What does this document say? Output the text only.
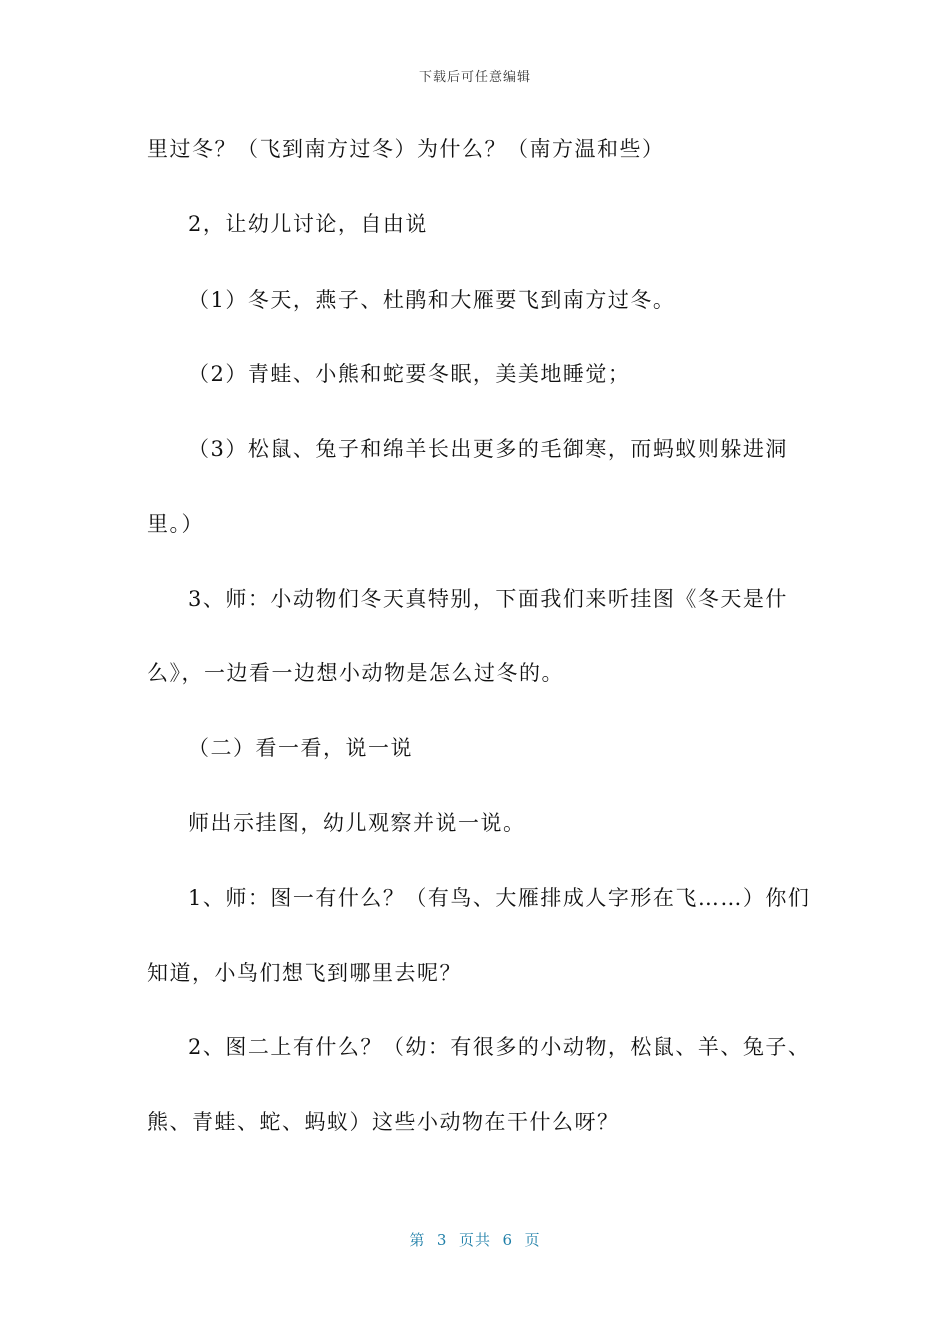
下载后可任意编辑
里过冬？（飞到南方过冬）为什么？（南方温和些）
2，让幼儿讨论，自由说
（1）冬天，燕子、杜鹃和大雁要飞到南方过冬。
（2）青蛙、小熊和蛇要冬眠，美美地睡觉；
（3）松鼠、兔子和绵羊长出更多的毛御寒，而蚂蚁则躲进洞
里。）
3、师：小动物们冬天真特别，下面我们来听挂图《冬天是什
么》，一边看一边想小动物是怎么过冬的。
（二）看一看，说一说
师出示挂图，幼儿观察并说一说。
1、师：图一有什么？（有鸟、大雁排成人字形在飞……）你们
知道，小鸟们想飞到哪里去呢？
2、图二上有什么？（幼：有很多的小动物，松鼠、羊、兔子、
熊、青蛙、蛇、蚂蚁）这些小动物在干什么呀？
第  3  页共  6  页
